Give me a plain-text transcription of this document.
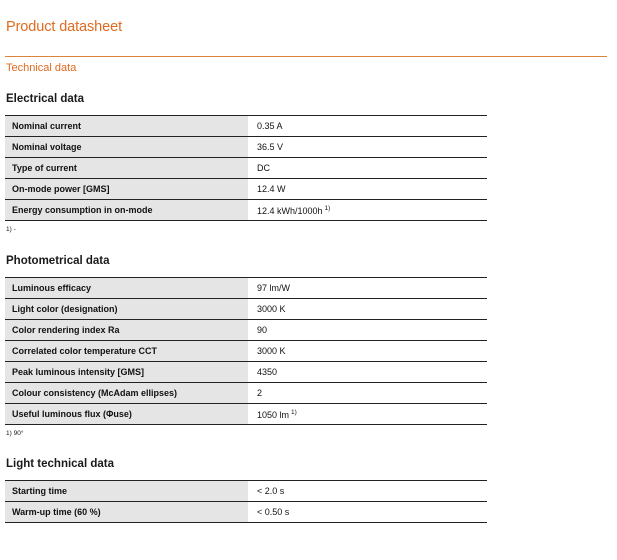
Product datasheet
Technical data
Electrical data
Nominal current		0.35 A
Nominal voltage		36.5 V
Type of current		DC
On-mode power [GMS]		12.4 W
Energy consumption in on-mode		12.4 kWh/1000h $^{1)}$
1) -
Photometrical data
Luminous efficacy		97 lm/W
Light color (designation)		3000 K
Color rendering index Ra		90
Correlated color temperature CCT		3000 K
Peak luminous intensity [GMS]		4350
Colour consistency (McAdam ellipses)		2
Useful luminous flux (Φuse)		1050 lm $^{1)}$
1) 90°
Light technical data
Starting time		< 2.0 s
Warm-up time (60 %)		< 0.50 s
